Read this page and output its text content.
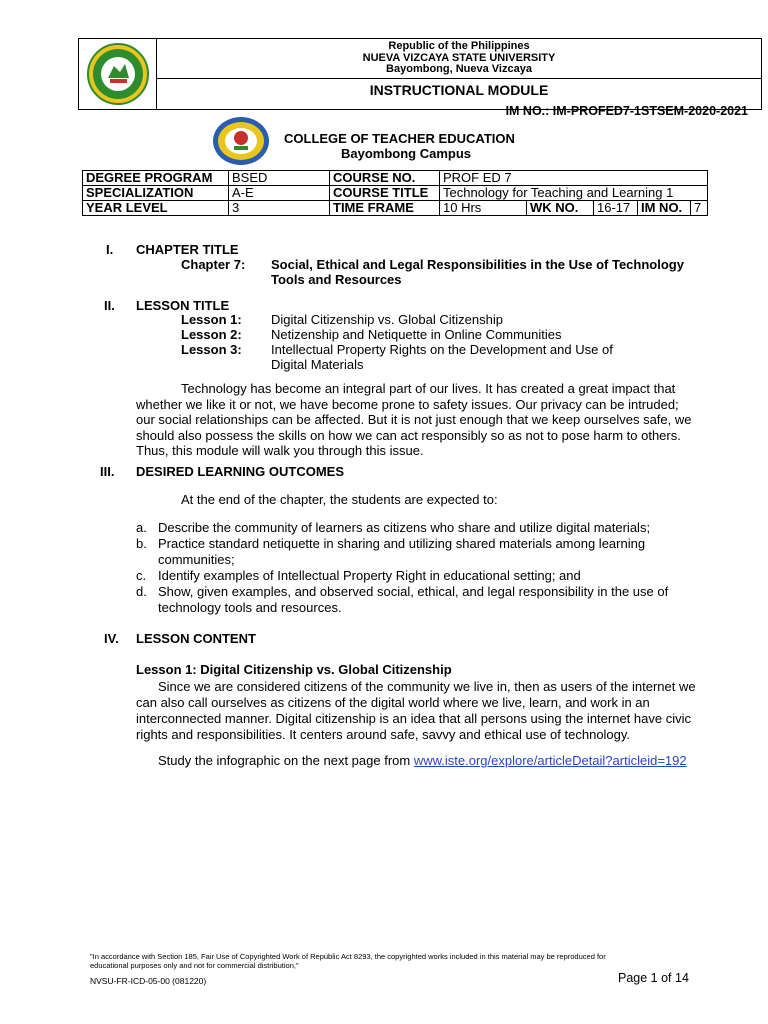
Republic of the Philippines
NUEVA VIZCAYA STATE UNIVERSITY
Bayombong, Nueva Vizcaya
INSTRUCTIONAL MODULE
IM NO.: IM-PROFED7-1STSEM-2020-2021
COLLEGE OF TEACHER EDUCATION
Bayombong Campus
DEGREE PROGRAM	BSED	COURSE NO.	PROF ED 7				
SPECIALIZATION	A-E	COURSE TITLE	Technology for Teaching and Learning 1				
YEAR LEVEL	3	TIME FRAME	10 Hrs	WK NO.	16-17	IM NO.	7
I. CHAPTER TITLE
Chapter 7: Social, Ethical and Legal Responsibilities in the Use of Technology
Tools and Resources
II. LESSON TITLE
Lesson 1: Digital Citizenship vs. Global Citizenship
Lesson 2: Netizenship and Netiquette in Online Communities
Lesson 3: Intellectual Property Rights on the Development and Use of
Digital Materials
Technology has become an integral part of our lives. It has created a great impact that
whether we like it or not, we have become prone to safety issues. Our privacy can be intruded;
our social relationships can be affected. But it is not just enough that we keep ourselves safe, we
should also possess the skills on how we can act responsibly so as not to pose harm to others.
Thus, this module will walk you through this issue.
III. DESIRED LEARNING OUTCOMES
At the end of the chapter, the students are expected to:
a. Describe the community of learners as citizens who share and utilize digital materials;
b. Practice standard netiquette in sharing and utilizing shared materials among learning
communities;
c. Identify examples of Intellectual Property Right in educational setting; and
d. Show, given examples, and observed social, ethical, and legal responsibility in the use of
technology tools and resources.
IV. LESSON CONTENT
Lesson 1: Digital Citizenship vs. Global Citizenship
Since we are considered citizens of the community we live in, then as users of the internet we
can also call ourselves as citizens of the digital world where we live, learn, and work in an
interconnected manner. Digital citizenship is an idea that all persons using the internet have civic
rights and responsibilities. It centers around safe, savvy and ethical use of technology.
Study the infographic on the next page from www.iste.org/explore/articleDetail?articleid=192
"In accordance with Section 185, Fair Use of Copyrighted Work of Republic Act 8293, the copyrighted works included in this material may be reproduced for
educational purposes only and not for commercial distribution,"
NVSU-FR-ICD-05-00 (081220)	Page 1 of 14
